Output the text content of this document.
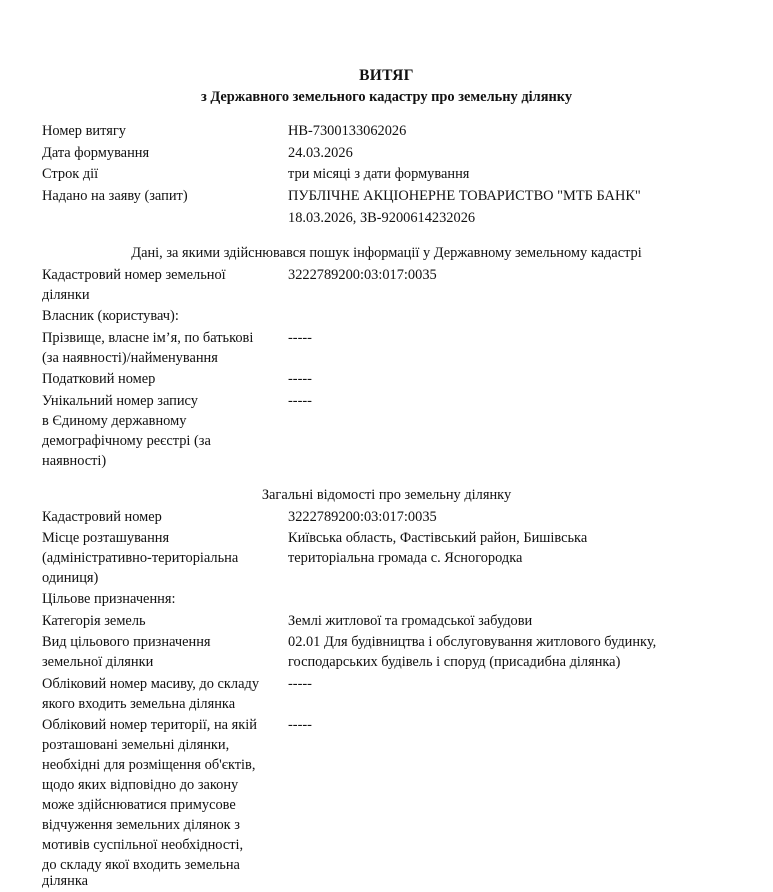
ВИТЯГ
з Державного земельного кадастру про земельну ділянку
Номер витягу	НВ-7300133062026
Дата формування	24.03.2026
Строк дії	три місяці з дати формування
Надано на заяву (запит)	ПУБЛІЧНЕ АКЦІОНЕРНЕ ТОВАРИСТВО "МТБ БАНК"
18.03.2026, ЗВ-9200614232026
Дані, за якими здійснювався пошук інформації у Державному земельному кадастрі
Кадастровий номер земельної	3222789200:03:017:0035
ділянки
Власник (користувач):
Прізвище, власне ім’я, по батькові	-----
(за наявності)/найменування
Податковий номер	-----
Унікальний номер запису	-----
в Єдиному державному
демографічному реєстрі (за
наявності)
Загальні відомості про земельну ділянку
Кадастровий номер	3222789200:03:017:0035
Місце розташування	Київська область, Фастівський район, Бишівська
(адміністративно-територіальна	територіальна громада с. Ясногородка
одиниця)
Цільове призначення:
Категорія земель	Землі житлової та громадської забудови
Вид цільового призначення	02.01 Для будівництва і обслуговування житлового будинку,
земельної ділянки	господарських будівель і споруд (присадибна ділянка)
Обліковий номер масиву, до складу	-----
якого входить земельна ділянка
Обліковий номер території, на якій	-----
розташовані земельні ділянки,
необхідні для розміщення об'єктів,
щодо яких відповідно до закону
може здійснюватися примусове
відчуження земельних ділянок з
мотивів суспільної необхідності,
до складу якої входить земельна
ділянка
